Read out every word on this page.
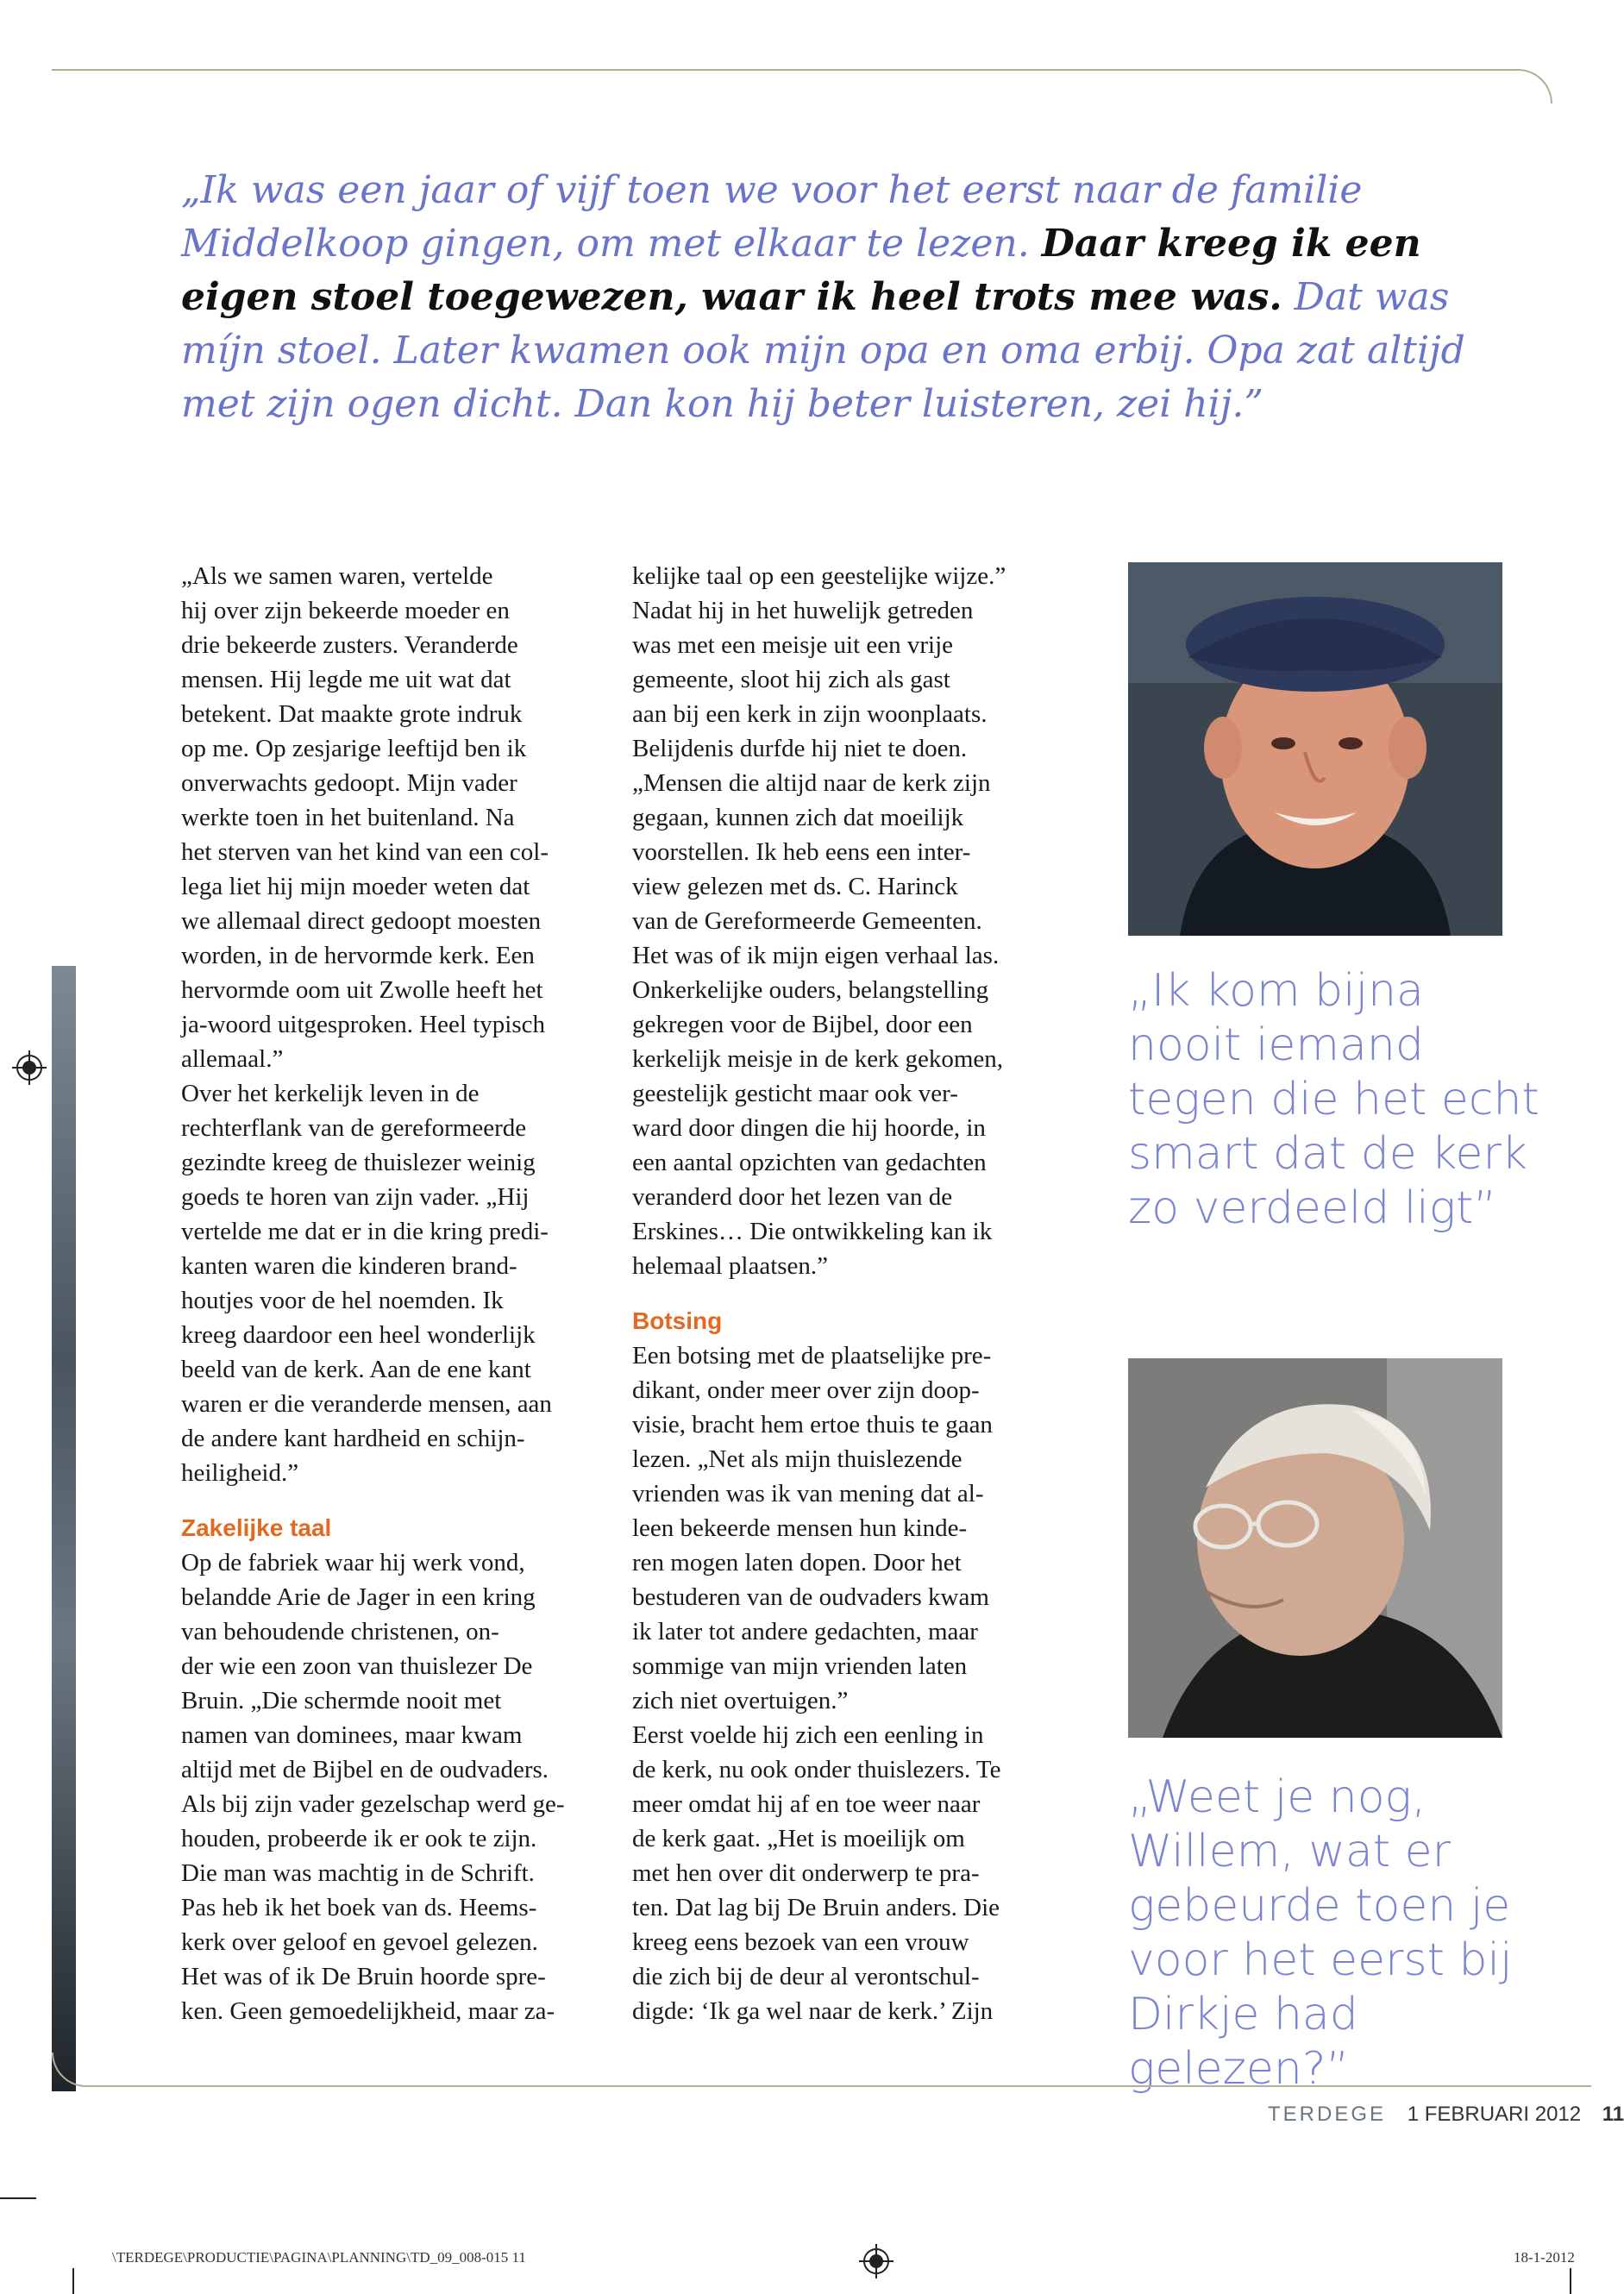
„Ik was een jaar of vijf toen we voor het eerst naar de familie Middelkoop gingen, om met elkaar te lezen. Daar kreeg ik een eigen stoel toegewezen, waar ik heel trots mee was. Dat was míjn stoel. Later kwamen ook mijn opa en oma erbij. Opa zat altijd met zijn ogen dicht. Dan kon hij beter luisteren, zei hij.”

„Als we samen waren, vertelde
hij over zijn bekeerde moeder en
drie bekeerde zusters. Veranderde
mensen. Hij legde me uit wat dat
betekent. Dat maakte grote indruk
op me. Op zesjarige leeftijd ben ik
onverwachts gedoopt. Mijn vader
werkte toen in het buitenland. Na
het sterven van het kind van een col-
lega liet hij mijn moeder weten dat
we allemaal direct gedoopt moesten
worden, in de hervormde kerk. Een
hervormde oom uit Zwolle heeft het
ja-woord uitgesproken. Heel typisch
allemaal.”

Over het kerkelijk leven in de
rechterflank van de gereformeerde
gezindte kreeg de thuislezer weinig
goeds te horen van zijn vader. „Hij
vertelde me dat er in die kring predi-
kanten waren die kinderen brand-
houtjes voor de hel noemden. Ik
kreeg daardoor een heel wonderlijk
beeld van de kerk. Aan de ene kant
waren er die veranderde mensen, aan
de andere kant hardheid en schijn-
heiligheid.”

Zakelijke taal

Op de fabriek waar hij werk vond,
belandde Arie de Jager in een kring
van behoudende christenen, on-
der wie een zoon van thuislezer De
Bruin. „Die schermde nooit met
namen van dominees, maar kwam
altijd met de Bijbel en de oudvaders.
Als bij zijn vader gezelschap werd ge-
houden, probeerde ik er ook te zijn.
Die man was machtig in de Schrift.
Pas heb ik het boek van ds. Heems-
kerk over geloof en gevoel gelezen.
Het was of ik De Bruin hoorde spre-
ken. Geen gemoedelijkheid, maar za-

kelijke taal op een geestelijke wijze.”
Nadat hij in het huwelijk getreden
was met een meisje uit een vrije
gemeente, sloot hij zich als gast
aan bij een kerk in zijn woonplaats.
Belijdenis durfde hij niet te doen.
„Mensen die altijd naar de kerk zijn
gegaan, kunnen zich dat moeilijk
voorstellen. Ik heb eens een inter-
view gelezen met ds. C. Harinck
van de Gereformeerde Gemeenten.
Het was of ik mijn eigen verhaal las.
Onkerkelijke ouders, belangstelling
gekregen voor de Bijbel, door een
kerkelijk meisje in de kerk gekomen,
geestelijk gesticht maar ook ver-
ward door dingen die hij hoorde, in
een aantal opzichten van gedachten
veranderd door het lezen van de
Erskines… Die ontwikkeling kan ik
helemaal plaatsen.”

Botsing

Een botsing met de plaatselijke pre-
dikant, onder meer over zijn doop-
visie, bracht hem ertoe thuis te gaan
lezen. „Net als mijn thuislezende
vrienden was ik van mening dat al-
leen bekeerde mensen hun kinde-
ren mogen laten dopen. Door het
bestuderen van de oudvaders kwam
ik later tot andere gedachten, maar
sommige van mijn vrienden laten
zich niet overtuigen.”

Eerst voelde hij zich een eenling in
de kerk, nu ook onder thuislezers. Te
meer omdat hij af en toe weer naar
de kerk gaat. „Het is moeilijk om
met hen over dit onderwerp te pra-
ten. Dat lag bij De Bruin anders. Die
kreeg eens bezoek van een vrouw
die zich bij de deur al verontschul-
digde: ‘Ik ga wel naar de kerk.’ Zijn

„Ik kom bijna nooit iemand tegen die het echt smart dat de kerk zo verdeeld ligt”

„Weet je nog, Willem, wat er gebeurde toen je voor het eerst bij Dirkje had gelezen?”

TERDEGE 1 FEBRUARI 2012 11
\TERDEGE\PRODUCTIE\PAGINA\PLANNING\TD_09_008-015 11	18-1-2012
